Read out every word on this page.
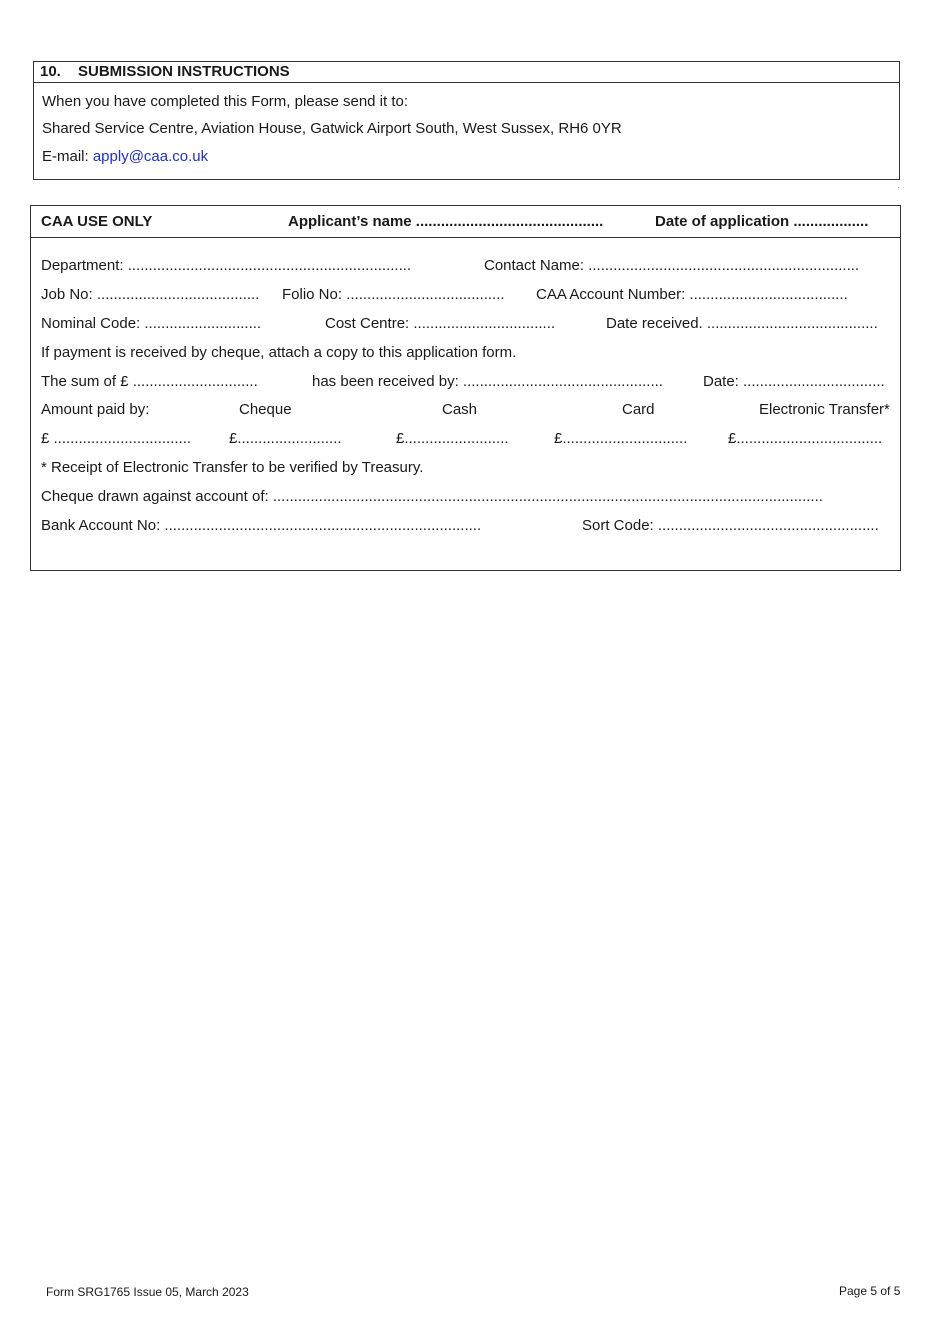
10. SUBMISSION INSTRUCTIONS
When you have completed this Form, please send it to:
Shared Service Centre, Aviation House, Gatwick Airport South, West Sussex, RH6 0YR
E-mail: apply@caa.co.uk
CAA USE ONLY	Applicant’s name .............................................	Date of application ..................
Department: ....................................................................	Contact Name: .................................................................
Job No: ....................................... Folio No: ...................................... CAA Account Number: ......................................
Nominal Code: ............................	Cost Centre: ..................................	Date received. .........................................
If payment is received by cheque, attach a copy to this application form.
The sum of £ ..............................	has been received by: ................................................	Date: ..................................
Amount paid by:	Cheque	Cash	Card	Electronic Transfer*
£ .................................	£.........................	£.........................	£..............................	£...................................
* Receipt of Electronic Transfer to be verified by Treasury.
Cheque drawn against account of: ....................................................................................................................................
Bank Account No: ............................................................................	Sort Code: .....................................................
Form SRG1765 Issue 05, March 2023	Page 5 of 5
